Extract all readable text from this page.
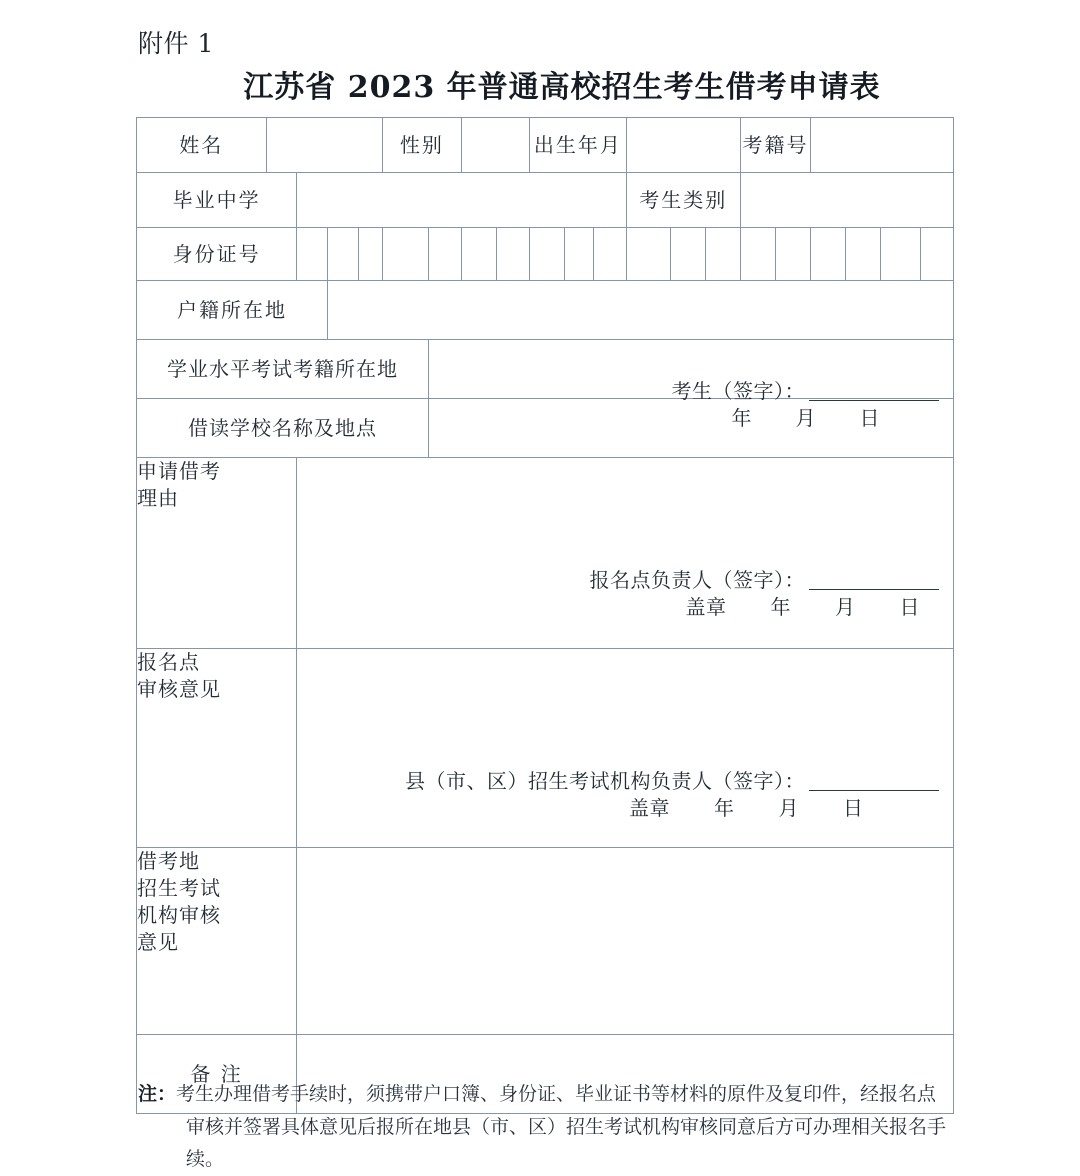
附件 1
江苏省 2023 年普通高校招生考生借考申请表
姓名					性别				出生年月						考籍号					
毕业中学												考生类别								
身份证号																				
户籍所在地																				
学业水平考试考籍所在地																				
借读学校名称及地点																				

申请借考
理由

考生（签字）：
年 月 日

报名点
审核意见

报名点负责人（签字）：
盖章 年 月 日

借考地
招生考试
机构审核
意见

县（市、区）招生考试机构负责人（签字）：
盖章 年 月 日

备 注																				
注：考生办理借考手续时，须携带户口簿、身份证、毕业证书等材料的原件及复印件，经报名点
审核并签署具体意见后报所在地县（市、区）招生考试机构审核同意后方可办理相关报名手
续。
